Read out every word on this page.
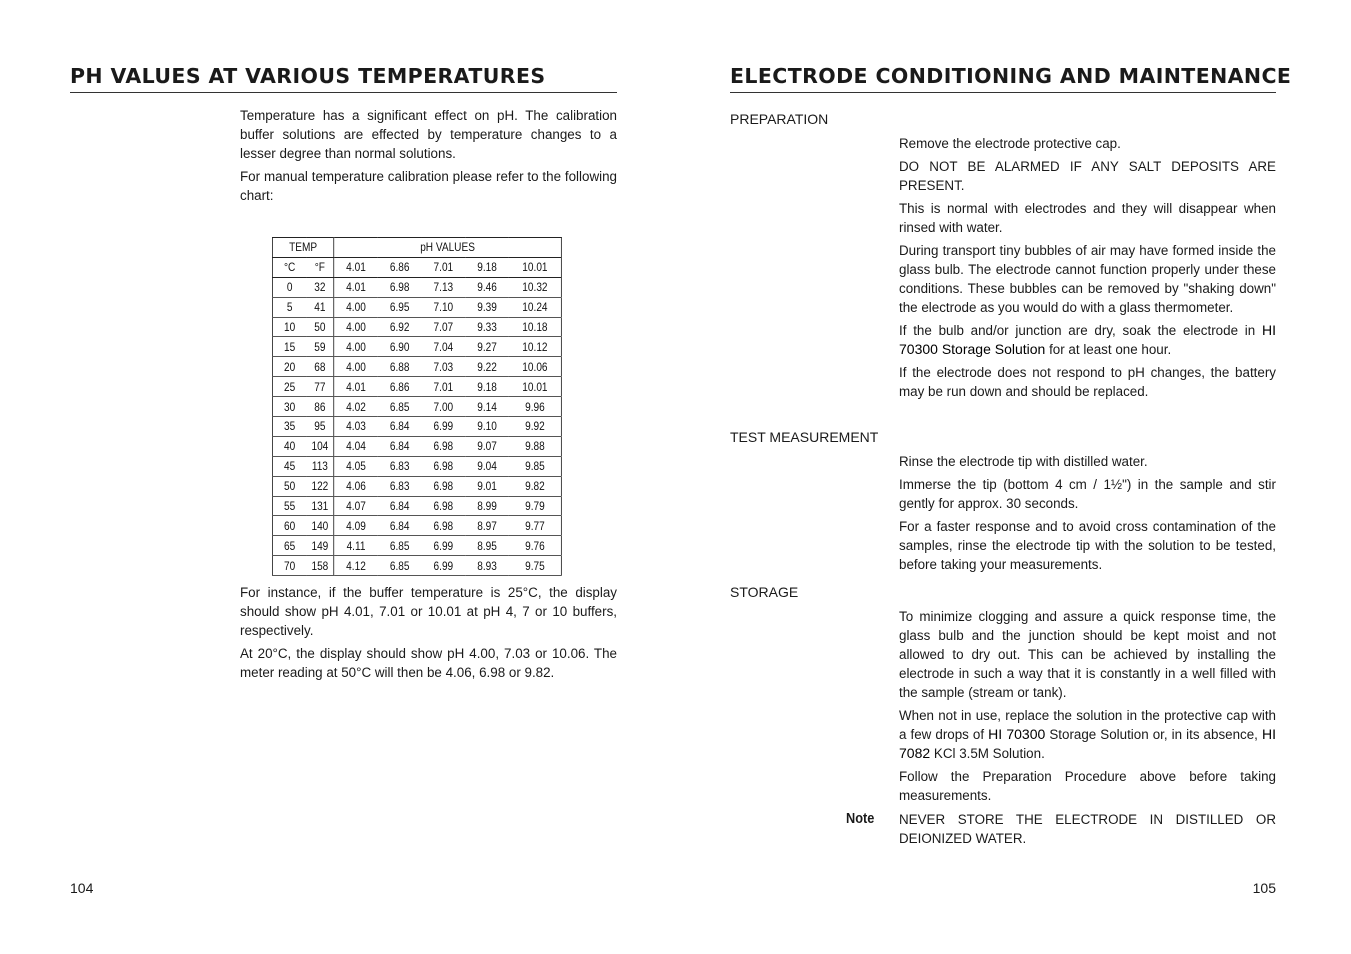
PH VALUES AT VARIOUS TEMPERATURES

Temperature has a significant effect on pH. The calibration buffer solutions are effected by temperature changes to a lesser degree than normal solutions.

For manual temperature calibration please refer to the following chart:

TEMP		pH VALUES				
°C	°F	4.01	6.86	7.01	9.18	10.01
0	32	4.01	6.98	7.13	9.46	10.32
5	41	4.00	6.95	7.10	9.39	10.24
10	50	4.00	6.92	7.07	9.33	10.18
15	59	4.00	6.90	7.04	9.27	10.12
20	68	4.00	6.88	7.03	9.22	10.06
25	77	4.01	6.86	7.01	9.18	10.01
30	86	4.02	6.85	7.00	9.14	9.96
35	95	4.03	6.84	6.99	9.10	9.92
40	104	4.04	6.84	6.98	9.07	9.88
45	113	4.05	6.83	6.98	9.04	9.85
50	122	4.06	6.83	6.98	9.01	9.82
55	131	4.07	6.84	6.98	8.99	9.79
60	140	4.09	6.84	6.98	8.97	9.77
65	149	4.11	6.85	6.99	8.95	9.76
70	158	4.12	6.85	6.99	8.93	9.75

For instance, if the buffer temperature is 25°C, the display should show pH 4.01, 7.01 or 10.01 at pH 4, 7 or 10 buffers, respectively.

At 20°C, the display should show pH 4.00, 7.03 or 10.06. The meter reading at 50°C will then be 4.06, 6.98 or 9.82.

104
ELECTRODE CONDITIONING AND MAINTENANCE
PREPARATION

Remove the electrode protective cap.

DO NOT BE ALARMED IF ANY SALT DEPOSITS ARE PRESENT.

This is normal with electrodes and they will disappear when rinsed with water.

During transport tiny bubbles of air may have formed inside the glass bulb. The electrode cannot function properly under these conditions. These bubbles can be removed by "shaking down" the electrode as you would do with a glass thermometer.

If the bulb and/or junction are dry, soak the electrode in HI 70300 Storage Solution for at least one hour.

If the electrode does not respond to pH changes, the battery may be run down and should be replaced.

TEST MEASUREMENT

Rinse the electrode tip with distilled water.

Immerse the tip (bottom 4 cm / 1½") in the sample and stir gently for approx. 30 seconds.

For a faster response and to avoid cross contamination of the samples, rinse the electrode tip with the solution to be tested, before taking your measurements.

STORAGE

To minimize clogging and assure a quick response time, the glass bulb and the junction should be kept moist and not allowed to dry out. This can be achieved by installing the electrode in such a way that it is constantly in a well filled with the sample (stream or tank).

When not in use, replace the solution in the protective cap with a few drops of HI 70300 Storage Solution or, in its absence, HI 7082 KCl 3.5M Solution.

Follow the Preparation Procedure above before taking measurements.

Note NEVER STORE THE ELECTRODE IN DISTILLED OR DEIONIZED WATER.

105
